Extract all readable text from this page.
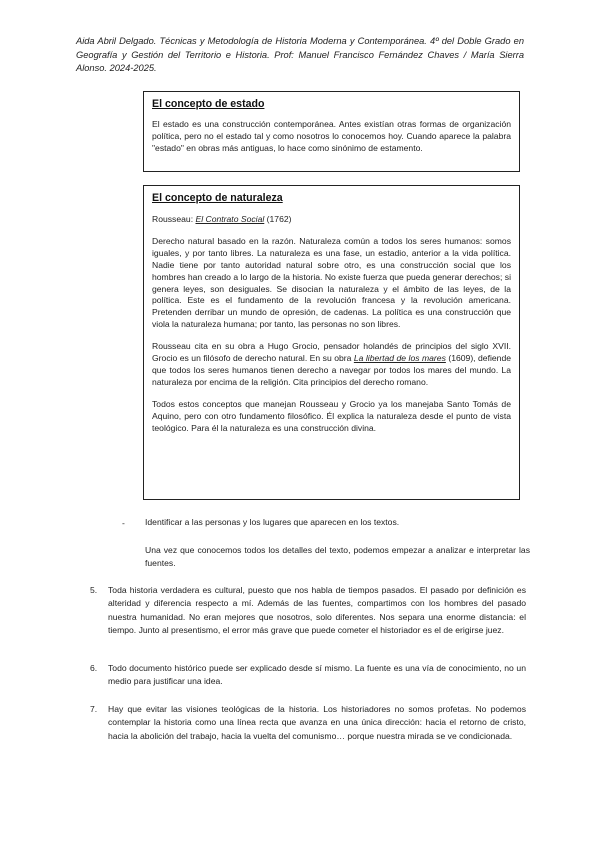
Aida Abril Delgado. Técnicas y Metodología de Historia Moderna y Contemporánea. 4º del Doble Grado en Geografía y Gestión del Territorio e Historia. Prof: Manuel Francisco Fernández Chaves / María Sierra Alonso. 2024-2025.
El concepto de estado

El estado es una construcción contemporánea. Antes existían otras formas de organización política, pero no el estado tal y como nosotros lo conocemos hoy. Cuando aparece la palabra "estado" en obras más antiguas, lo hace como sinónimo de estamento.

El concepto de naturaleza

Rousseau: El Contrato Social (1762)

Derecho natural basado en la razón. Naturaleza común a todos los seres humanos: somos iguales, y por tanto libres. La naturaleza es una fase, un estadio, anterior a la vida política. Nadie tiene por tanto autoridad natural sobre otro, es una construcción social que los hombres han creado a lo largo de la historia. No existe fuerza que pueda generar derechos; si genera leyes, son desiguales. Se disocian la naturaleza y el ámbito de las leyes, de la política. Este es el fundamento de la revolución francesa y la revolución americana. Pretenden derribar un mundo de opresión, de cadenas. La política es una construcción que viola la naturaleza humana; por tanto, las personas no son libres.

Rousseau cita en su obra a Hugo Grocio, pensador holandés de principios del siglo XVII. Grocio es un filósofo de derecho natural. En su obra La libertad de los mares (1609), defiende que todos los seres humanos tienen derecho a navegar por todos los mares del mundo. La naturaleza por encima de la religión. Cita principios del derecho romano.

Todos estos conceptos que manejan Rousseau y Grocio ya los manejaba Santo Tomás de Aquino, pero con otro fundamento filosófico. Él explica la naturaleza desde el punto de vista teológico. Para él la naturaleza es una construcción divina.

- Identificar a las personas y los lugares que aparecen en los textos.
Una vez que conocemos todos los detalles del texto, podemos empezar a analizar e interpretar las fuentes.
5. Toda historia verdadera es cultural, puesto que nos habla de tiempos pasados. El pasado por definición es alteridad y diferencia respecto a mí. Además de las fuentes, compartimos con los hombres del pasado nuestra humanidad. No eran mejores que nosotros, solo diferentes. Nos separa una enorme distancia: el tiempo. Junto al presentismo, el error más grave que puede cometer el historiador es el de erigirse juez.
6. Todo documento histórico puede ser explicado desde sí mismo. La fuente es una vía de conocimiento, no un medio para justificar una idea.
7. Hay que evitar las visiones teológicas de la historia. Los historiadores no somos profetas. No podemos contemplar la historia como una línea recta que avanza en una única dirección: hacia el retorno de cristo, hacia la abolición del trabajo, hacia la vuelta del comunismo… porque nuestra mirada se ve condicionada.
